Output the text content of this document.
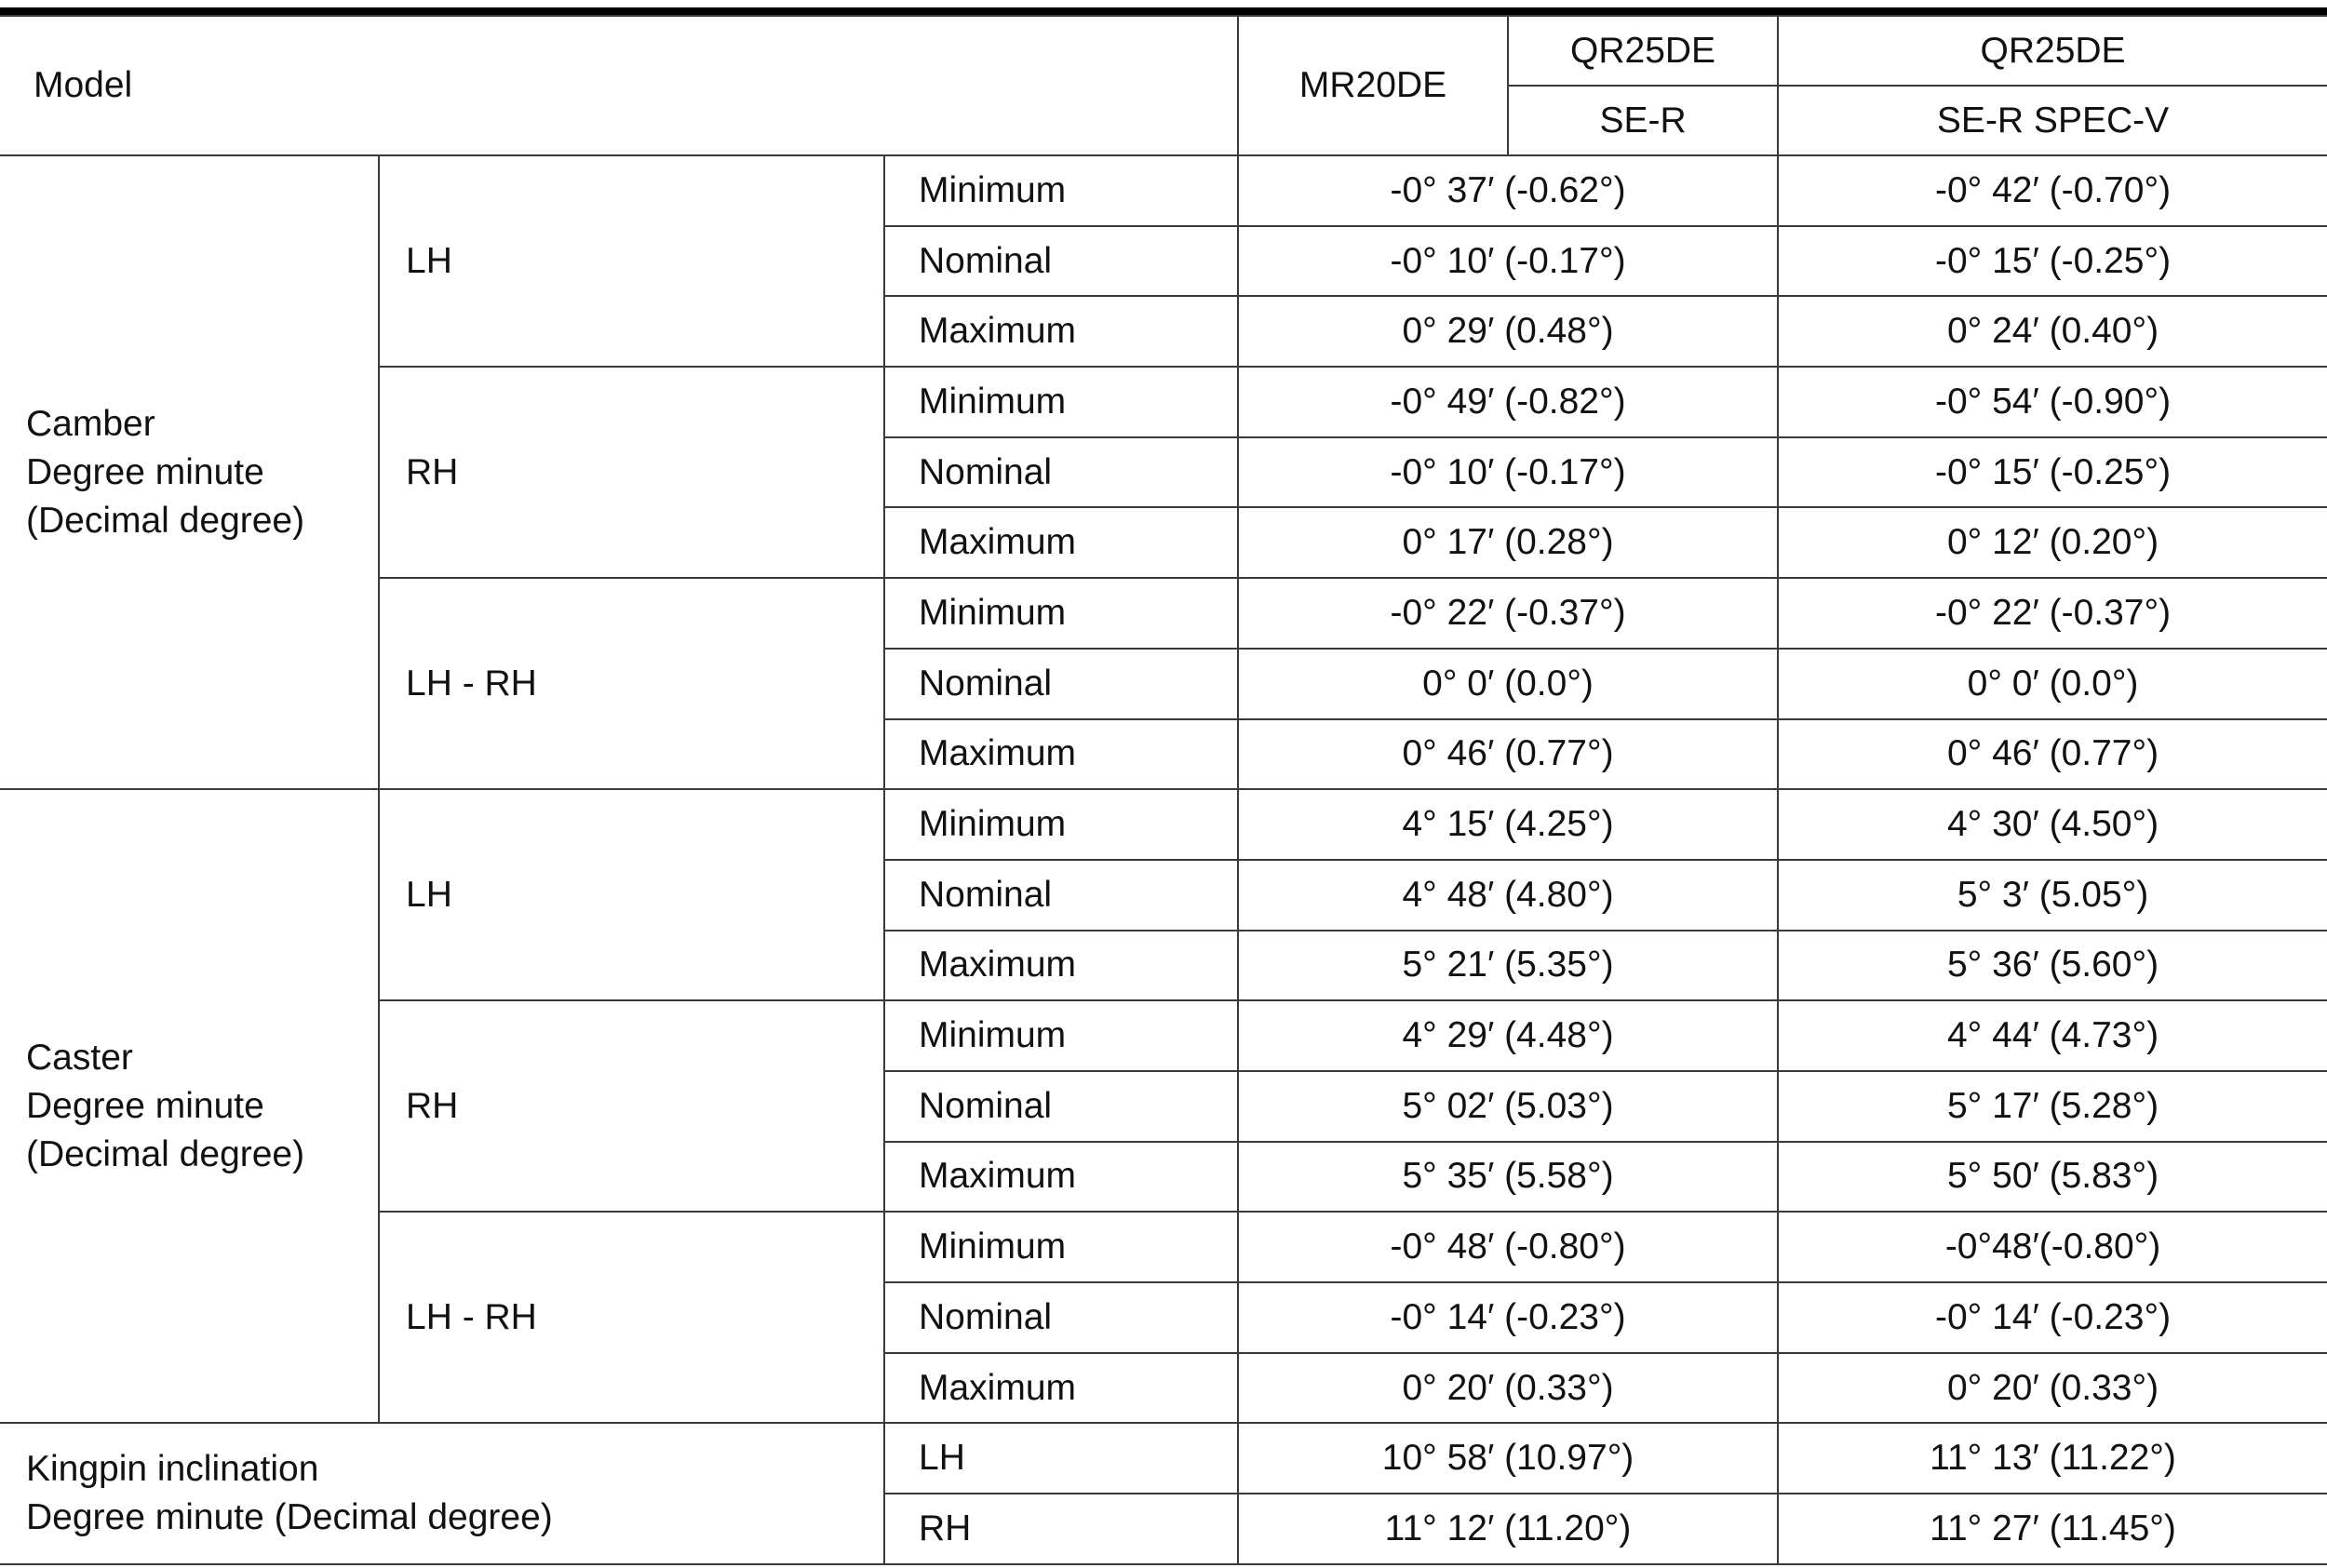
Model			MR20DE	QR25DE	QR25DE
				SE-R	SE-R SPEC-V

Camber
Degree minute
(Decimal degree)	LH	Minimum	-0° 37′ (-0.62°)		-0° 42′ (-0.70°)
		Nominal	-0° 10′ (-0.17°)		-0° 15′ (-0.25°)
		Maximum	0° 29′ (0.48°)		0° 24′ (0.40°)
	RH	Minimum	-0° 49′ (-0.82°)		-0° 54′ (-0.90°)
		Nominal	-0° 10′ (-0.17°)		-0° 15′ (-0.25°)
		Maximum	0° 17′ (0.28°)		0° 12′ (0.20°)
	LH - RH	Minimum	-0° 22′ (-0.37°)		-0° 22′ (-0.37°)
		Nominal	0° 0′ (0.0°)		0° 0′ (0.0°)
		Maximum	0° 46′ (0.77°)		0° 46′ (0.77°)

Caster
Degree minute
(Decimal degree)	LH	Minimum	4° 15′ (4.25°)		4° 30′ (4.50°)
		Nominal	4° 48′ (4.80°)		5° 3′ (5.05°)
		Maximum	5° 21′ (5.35°)		5° 36′ (5.60°)
	RH	Minimum	4° 29′ (4.48°)		4° 44′ (4.73°)
		Nominal	5° 02′ (5.03°)		5° 17′ (5.28°)
		Maximum	5° 35′ (5.58°)		5° 50′ (5.83°)
	LH - RH	Minimum	-0° 48′ (-0.80°)		-0°48′(-0.80°)
		Nominal	-0° 14′ (-0.23°)		-0° 14′ (-0.23°)
		Maximum	0° 20′ (0.33°)		0° 20′ (0.33°)

Kingpin inclination
Degree minute (Decimal degree)		LH	10° 58′ (10.97°)		11° 13′ (11.22°)
		RH	11° 12′ (11.20°)		11° 27′ (11.45°)
